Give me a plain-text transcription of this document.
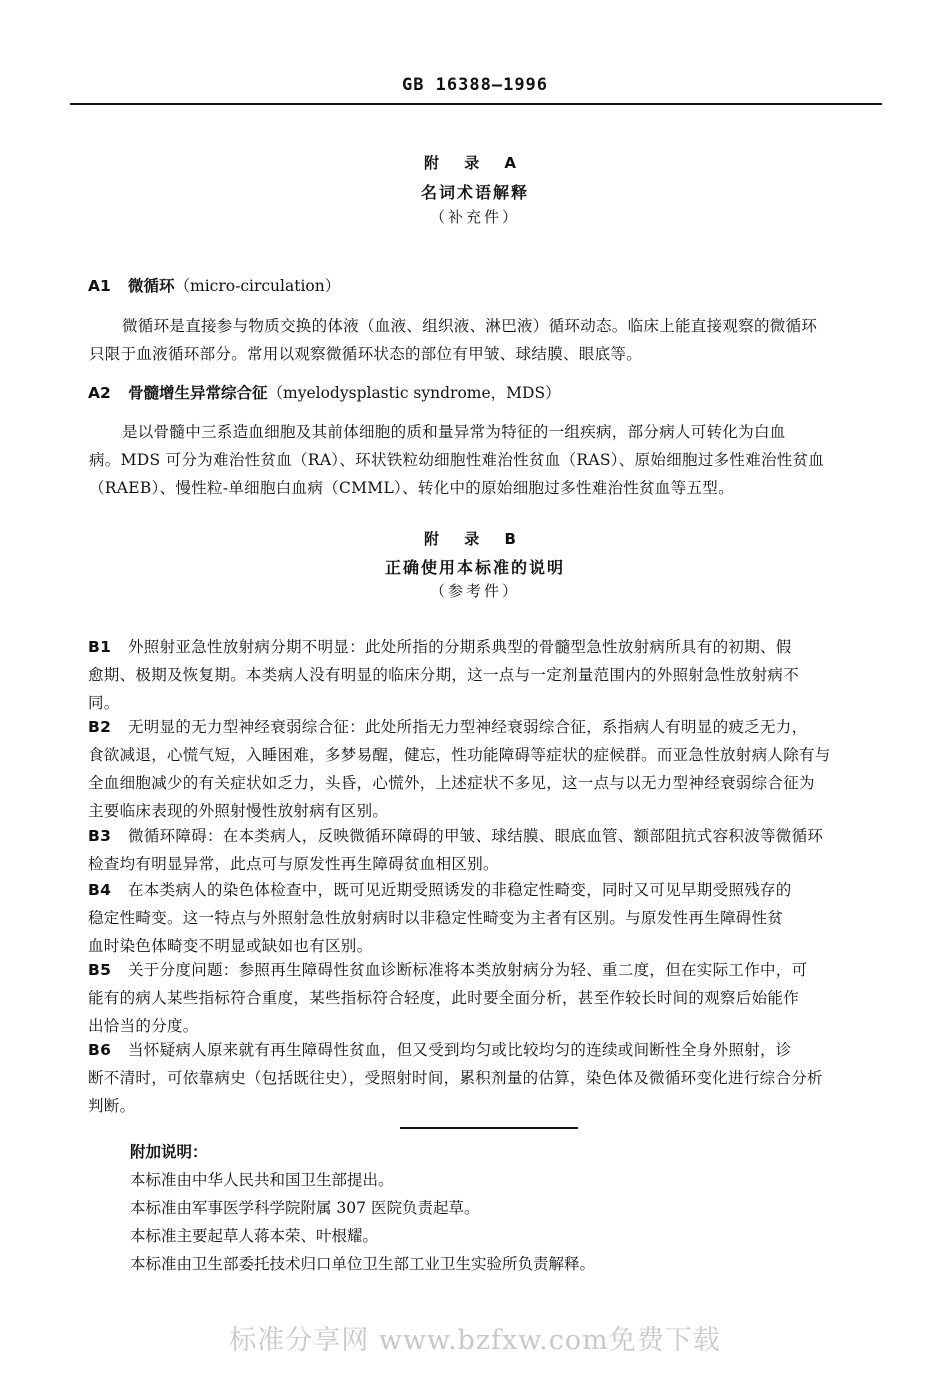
GB 16388—1996
附 录 A
名词术语解释
（补充件）
A1 微循环（micro-circulation）
微循环是直接参与物质交换的体液（血液、组织液、淋巴液）循环动态。临床上能直接观察的微循环
只限于血液循环部分。常用以观察微循环状态的部位有甲皱、球结膜、眼底等。
A2 骨髓增生异常综合征（myelodysplastic syndrome，MDS）
是以骨髓中三系造血细胞及其前体细胞的质和量异常为特征的一组疾病，部分病人可转化为白血
病。MDS 可分为难治性贫血（RA）、环状铁粒幼细胞性难治性贫血（RAS）、原始细胞过多性难治性贫血
（RAEB）、慢性粒-单细胞白血病（CMML）、转化中的原始细胞过多性难治性贫血等五型。
附 录 B
正确使用本标准的说明
（参考件）
B1 外照射亚急性放射病分期不明显：此处所指的分期系典型的骨髓型急性放射病所具有的初期、假
愈期、极期及恢复期。本类病人没有明显的临床分期，这一点与一定剂量范围内的外照射急性放射病不
同。
B2 无明显的无力型神经衰弱综合征：此处所指无力型神经衰弱综合征，系指病人有明显的疲乏无力，
食欲减退，心慌气短，入睡困难，多梦易醒，健忘，性功能障碍等症状的症候群。而亚急性放射病人除有与
全血细胞减少的有关症状如乏力，头昏，心慌外，上述症状不多见，这一点与以无力型神经衰弱综合征为
主要临床表现的外照射慢性放射病有区别。
B3 微循环障碍：在本类病人，反映微循环障碍的甲皱、球结膜、眼底血管、额部阻抗式容积波等微循环
检查均有明显异常，此点可与原发性再生障碍贫血相区别。
B4 在本类病人的染色体检查中，既可见近期受照诱发的非稳定性畸变，同时又可见早期受照残存的
稳定性畸变。这一特点与外照射急性放射病时以非稳定性畸变为主者有区别。与原发性再生障碍性贫
血时染色体畸变不明显或缺如也有区别。
B5 关于分度问题：参照再生障碍性贫血诊断标准将本类放射病分为轻、重二度，但在实际工作中，可
能有的病人某些指标符合重度，某些指标符合轻度，此时要全面分析，甚至作较长时间的观察后始能作
出恰当的分度。
B6 当怀疑病人原来就有再生障碍性贫血，但又受到均匀或比较均匀的连续或间断性全身外照射，诊
断不清时，可依靠病史（包括既往史），受照射时间，累积剂量的估算，染色体及微循环变化进行综合分析
判断。
附加说明：
本标准由中华人民共和国卫生部提出。
本标准由军事医学科学院附属 307 医院负责起草。
本标准主要起草人蒋本荣、叶根耀。
本标准由卫生部委托技术归口单位卫生部工业卫生实验所负责解释。
标准分享网 www.bzfxw.com免费下载
